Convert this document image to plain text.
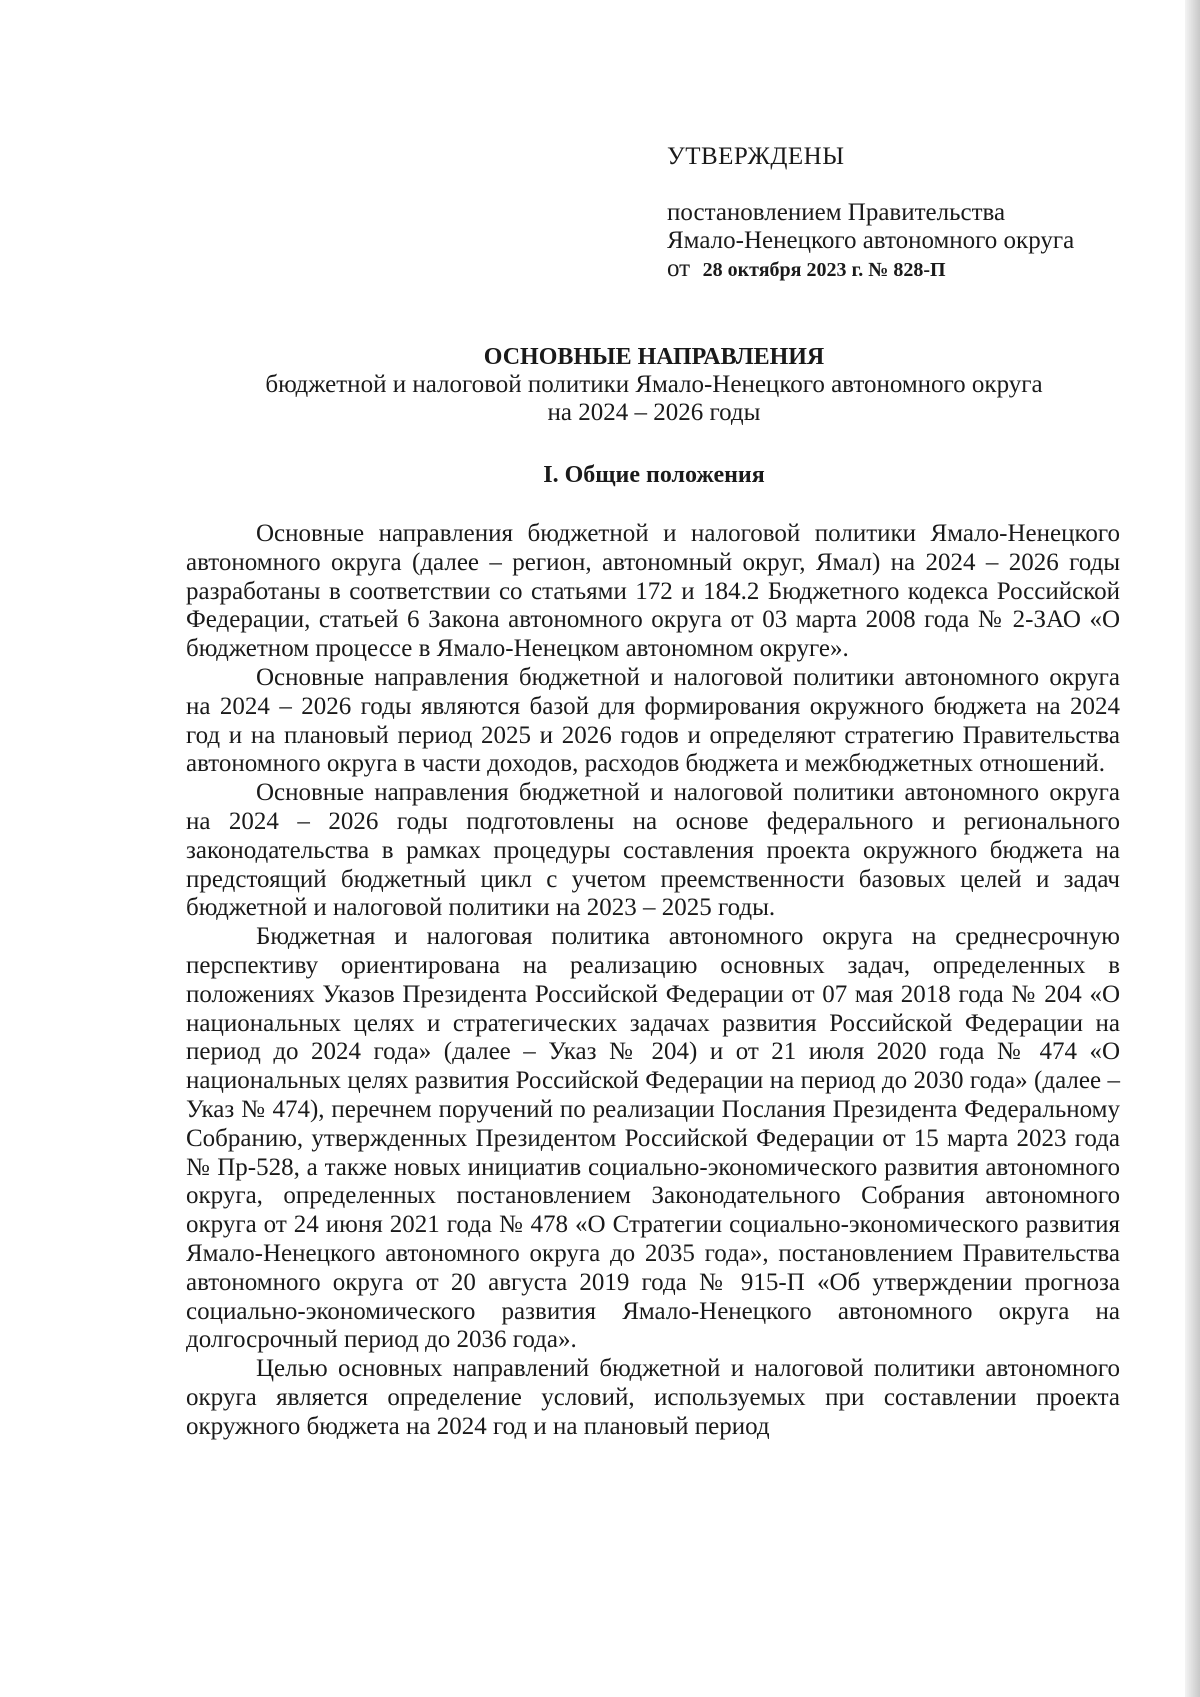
УТВЕРЖДЕНЫ

постановлением Правительства

Ямало-Ненецкого автономного округа

от 28 октября 2023 г. № 828-П

ОСНОВНЫЕ НАПРАВЛЕНИЯ

бюджетной и налоговой политики Ямало-Ненецкого автономного округа

на 2024 – 2026 годы

I. Общие положения

Основные направления бюджетной и налоговой политики Ямало-Ненецкого автономного округа (далее – регион, автономный округ, Ямал) на 2024 – 2026 годы разработаны в соответствии со статьями 172 и 184.2 Бюджетного кодекса Российской Федерации, статьей 6 Закона автономного округа от 03 марта 2008 года № 2-ЗАО «О бюджетном процессе в Ямало-Ненецком автономном округе».

Основные направления бюджетной и налоговой политики автономного округа на 2024 – 2026 годы являются базой для формирования окружного бюджета на 2024 год и на плановый период 2025 и 2026 годов и определяют стратегию Правительства автономного округа в части доходов, расходов бюджета и межбюджетных отношений.

Основные направления бюджетной и налоговой политики автономного округа на 2024 – 2026 годы подготовлены на основе федерального и регионального законодательства в рамках процедуры составления проекта окружного бюджета на предстоящий бюджетный цикл с учетом преемственности базовых целей и задач бюджетной и налоговой политики на 2023 – 2025 годы.

Бюджетная и налоговая политика автономного округа на среднесрочную перспективу ориентирована на реализацию основных задач, определенных в положениях Указов Президента Российской Федерации от 07 мая 2018 года № 204 «О национальных целях и стратегических задачах развития Российской Федерации на период до 2024 года» (далее – Указ № 204) и от 21 июля 2020 года № 474 «О национальных целях развития Российской Федерации на период до 2030 года» (далее – Указ № 474), перечнем поручений по реализации Послания Президента Федеральному Собранию, утвержденных Президентом Российской Федерации от 15 марта 2023 года № Пр-528, а также новых инициатив социально-экономического развития автономного округа, определенных постановлением Законодательного Собрания автономного округа от 24 июня 2021 года № 478 «О Стратегии социально-экономического развития Ямало-Ненецкого автономного округа до 2035 года», постановлением Правительства автономного округа от 20 августа 2019 года № 915-П «Об утверждении прогноза социально-экономического развития Ямало-Ненецкого автономного округа на долгосрочный период до 2036 года».

Целью основных направлений бюджетной и налоговой политики автономного округа является определение условий, используемых при составлении проекта окружного бюджета на 2024 год и на плановый период
